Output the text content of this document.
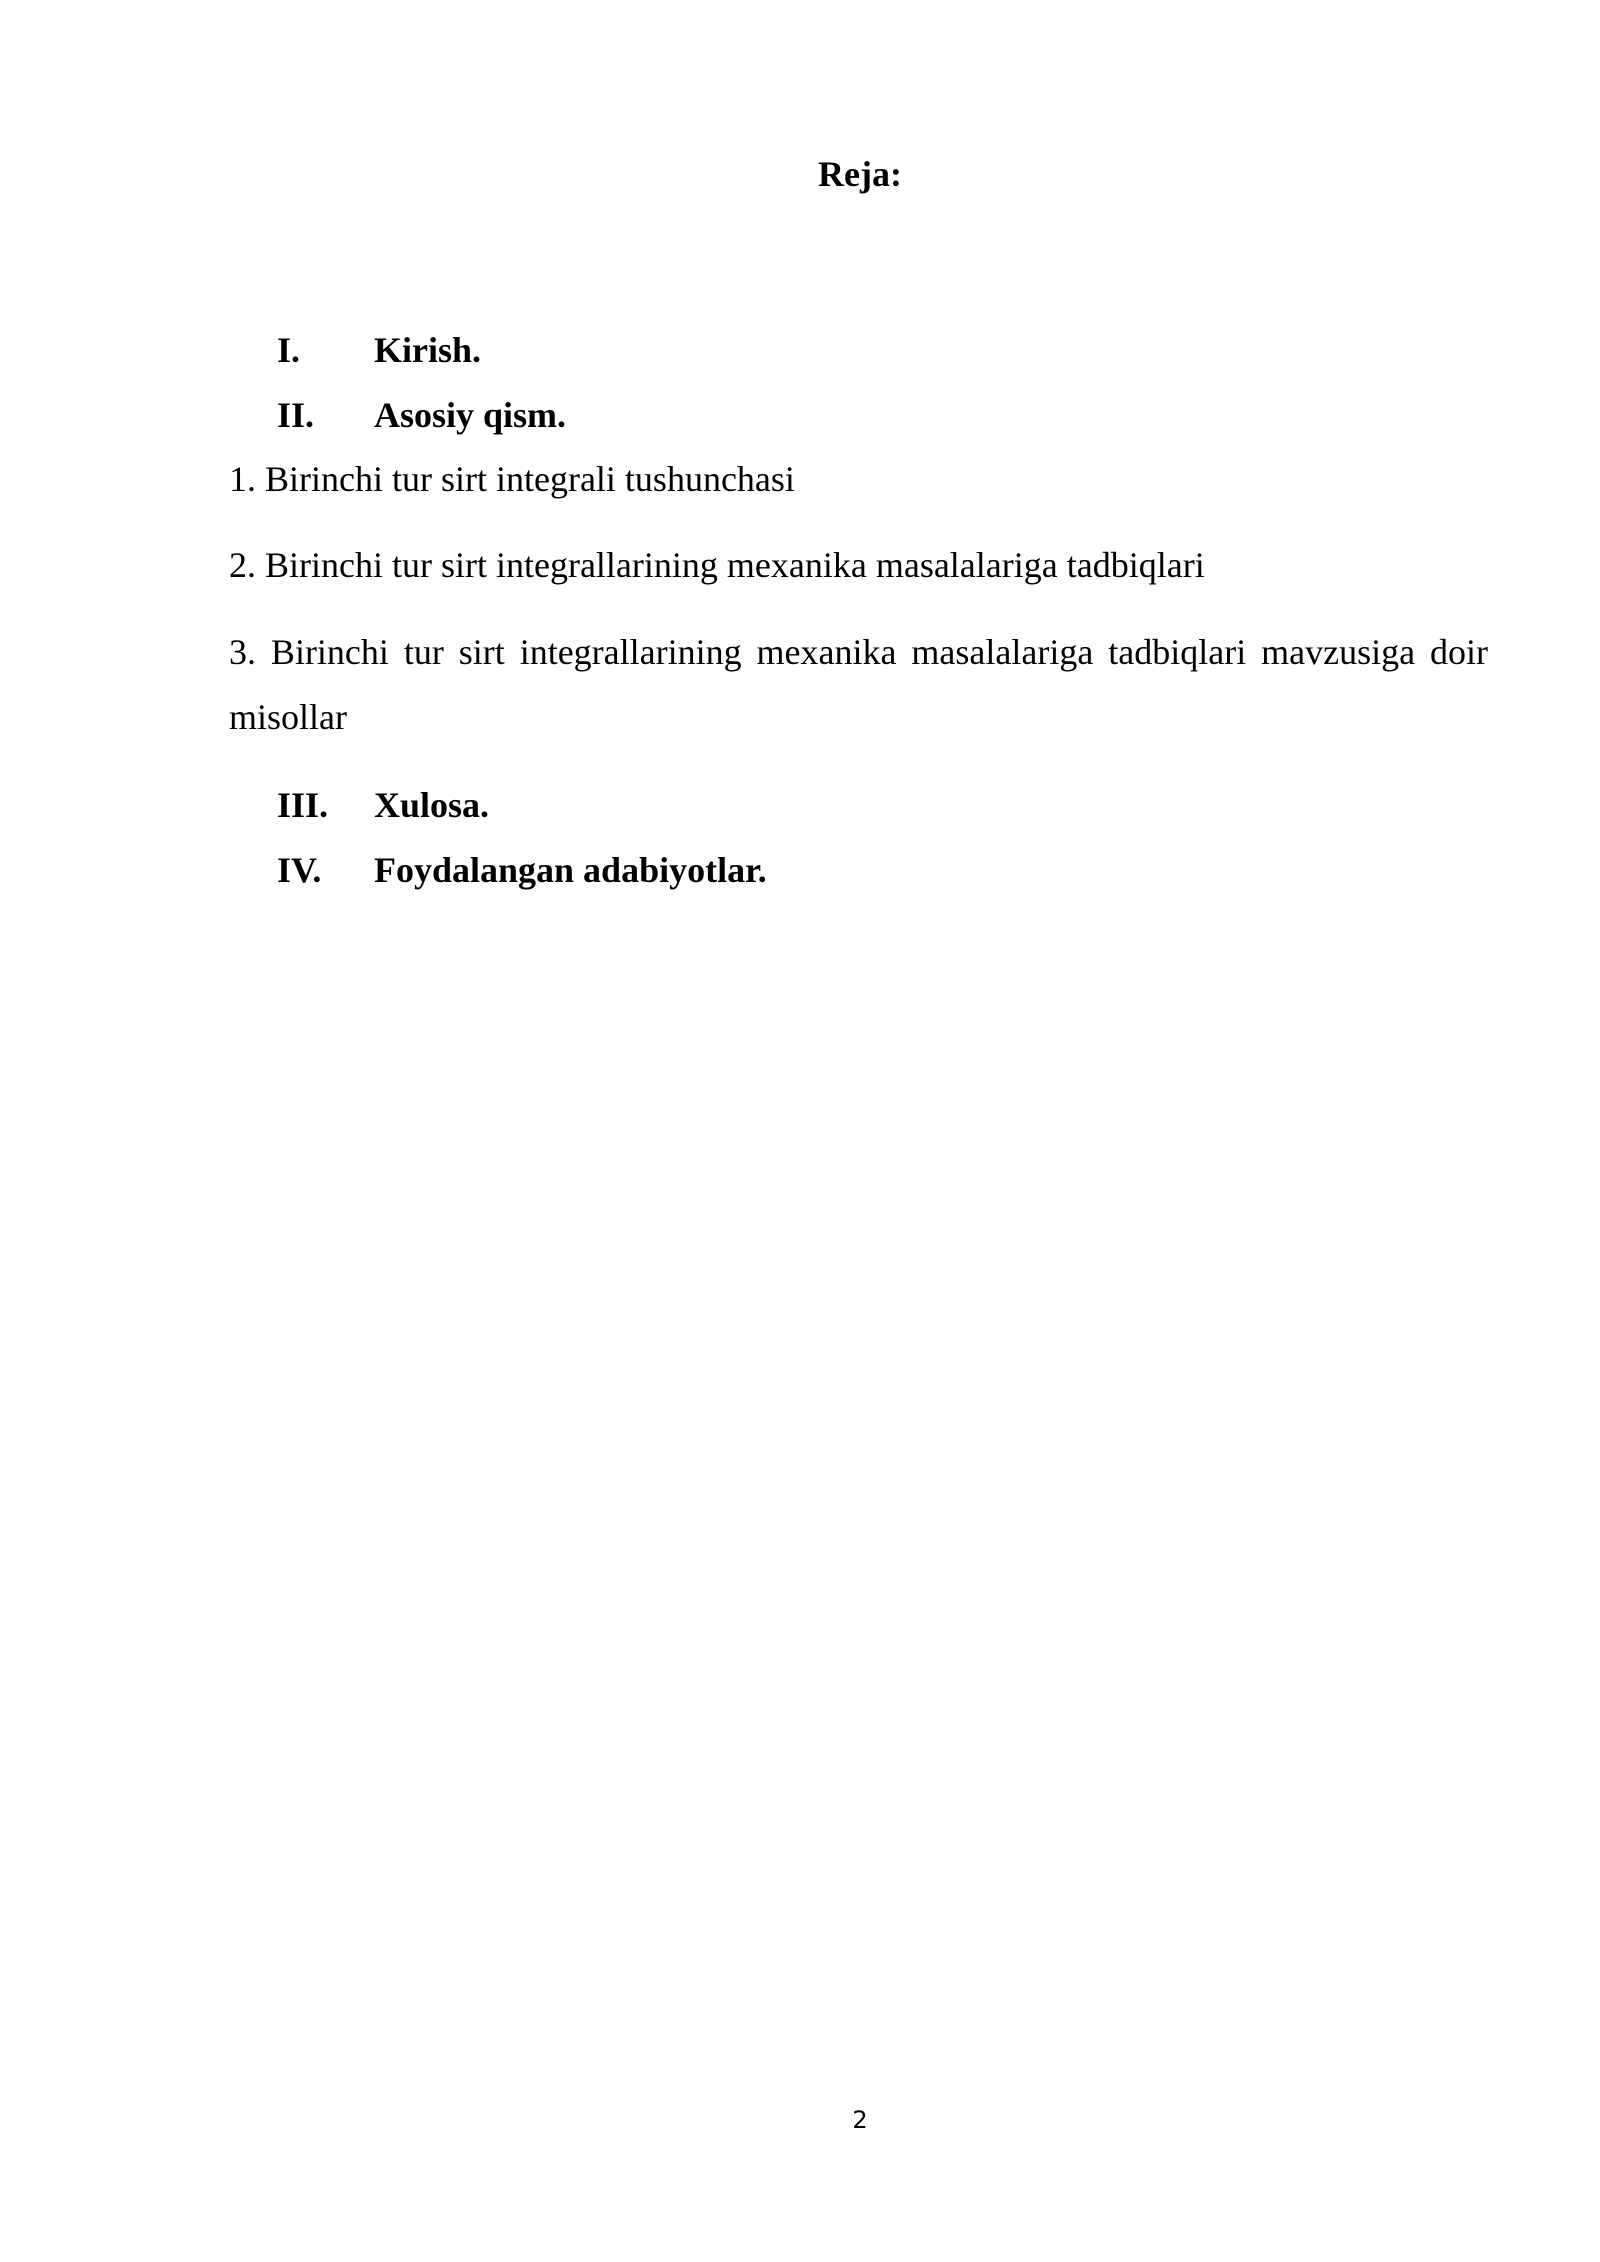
Reja:
I. Kirish.
II. Asosiy qism.
1. Birinchi tur sirt integrali tushunchasi
2. Birinchi tur sirt integrallarining mexanika masalalariga tadbiqlari
3. Birinchi tur sirt integrallarining mexanika masalalariga tadbiqlari mavzusiga doir misollar
III. Xulosa.
IV. Foydalangan adabiyotlar.
2
